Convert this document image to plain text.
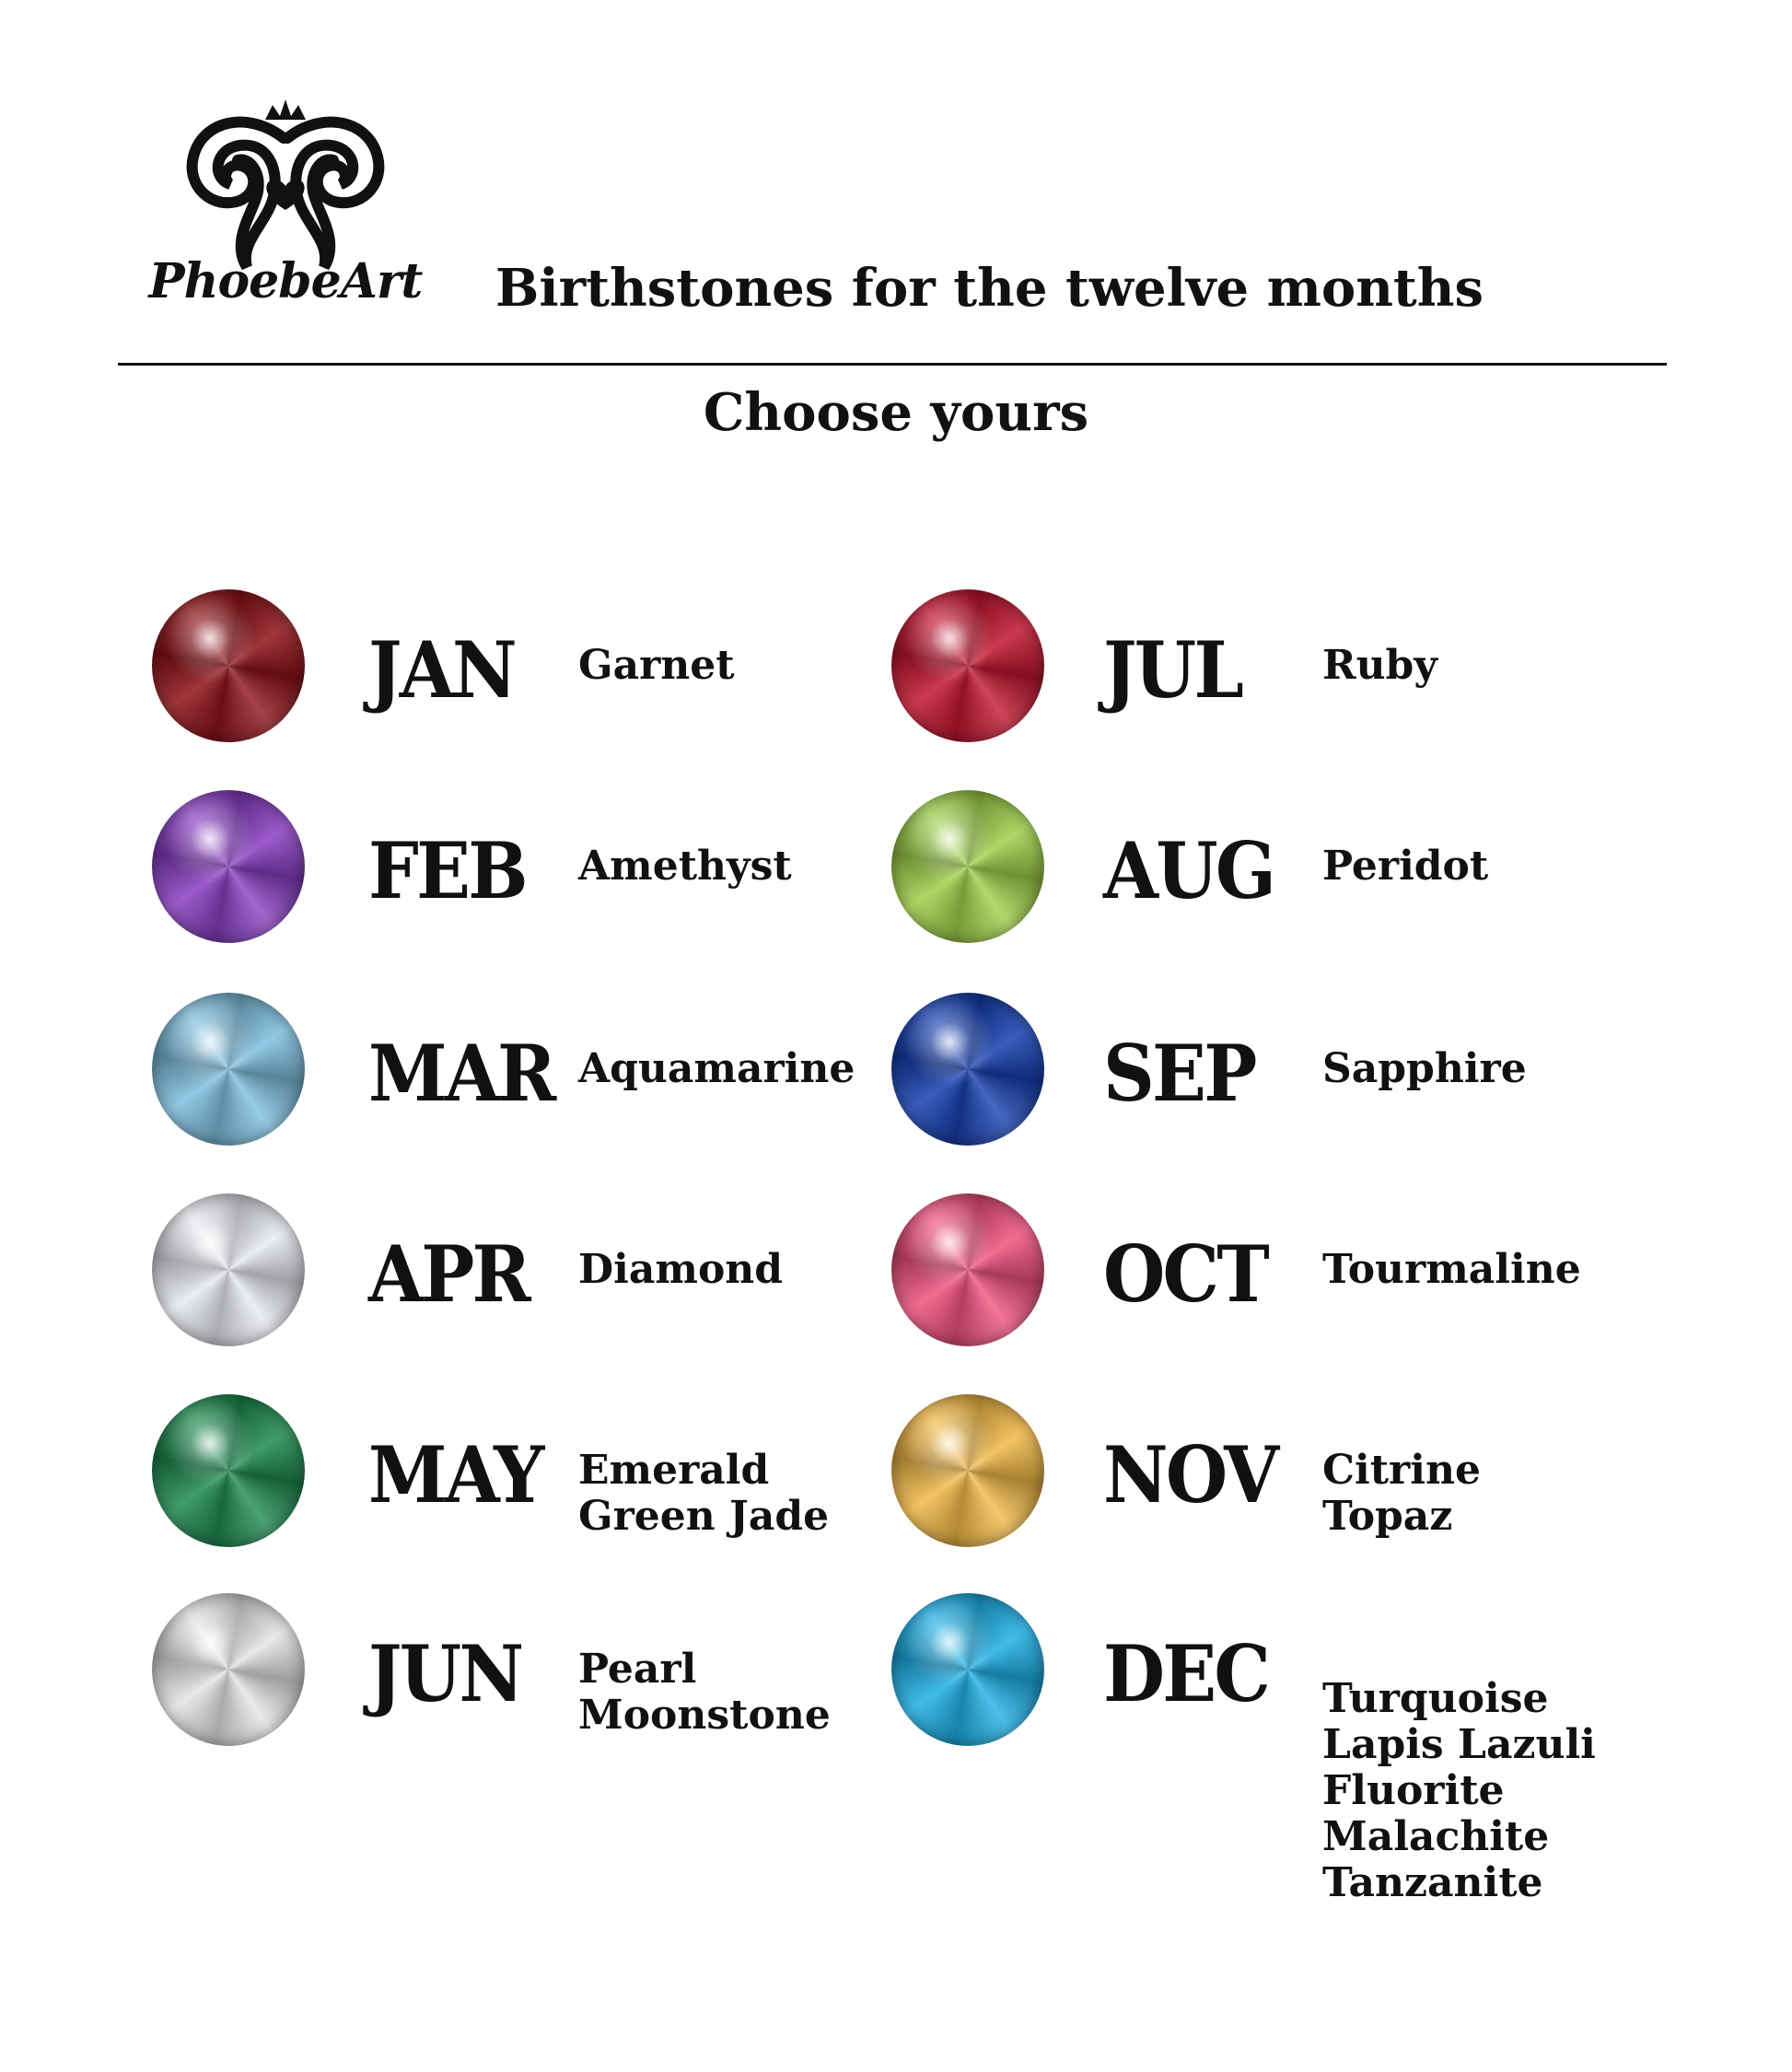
PhoebeArt Birthstones for the twelve months
Choose yours
JAN Garnet
FEB Amethyst
MAR Aquamarine
APR Diamond
MAY Emerald
Green Jade
JUN Pearl
Moonstone
JUL Ruby
AUG Peridot
SEP Sapphire
OCT Tourmaline
NOV Citrine
Topaz
DEC Turquoise
Lapis Lazuli
Fluorite
Malachite
Tanzanite
